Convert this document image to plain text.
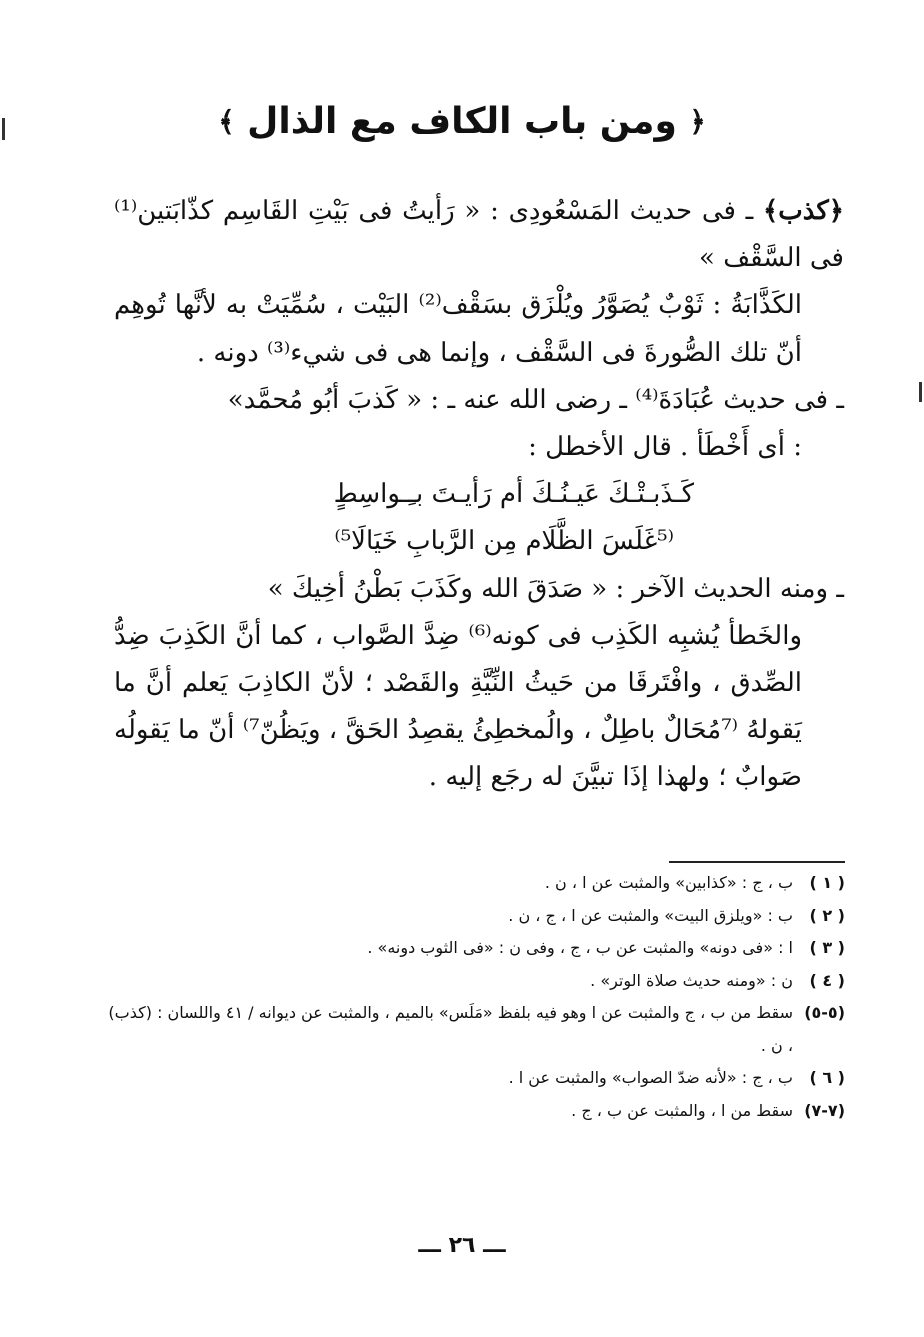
﴿ ومن باب الكاف مع الذال ﴾

﴿كذب﴾ ـ فى حديث المَسْعُودِى : « رَأيتُ فى بَيْتِ القَاسِم كذّابَتين⁽¹⁾ فى السَّقْف »

الكَذَّابَةُ : ثَوْبٌ يُصَوَّرُ ويُلْزَق بسَقْف⁽²⁾ البَيْت ، سُمِّيَتْ به لأنَّها تُوهِم أنّ تلك الصُّورةَ فى السَّقْف ، وإنما هى فى شيء⁽³⁾ دونه .

ـ فى حديث عُبَادَةَ⁽⁴⁾ ـ رضى الله عنه ـ : « كَذبَ أبُو مُحمَّد»

: أى أَخْطَأ . قال الأخطل :

كَـذَبـتْـكَ عَيـنُـكَ أم رَأيـتَ بـِـواسِطٍ

⁽⁵غَلَسَ الظَّلَام مِن الرَّبابِ خَيَالَا⁵⁾

ـ ومنه الحديث الآخر : « صَدَقَ الله وكَذَبَ بَطْنُ أخِيكَ »

والخَطأ يُشبِه الكَذِب فى كونه⁽⁶⁾ ضِدَّ الصَّواب ، كما أنَّ الكَذِبَ ضِدُّ الصِّدق ، وافْتَرقَا من حَيثُ النِّيَّةِ والقَصْد ؛ لأنّ الكاذِبَ يَعلم أنَّ ما يَقولهُ ⁽⁷مُحَالٌ باطِلٌ ، والُمخطِئُ يقصِدُ الحَقَّ ، ويَظُنّ⁷⁾ أنّ ما يَقولُه صَوابٌ ؛ ولهذا إذَا تبيَّنَ له رجَع إليه .

( ١ )
ب ، ج : «كذابين» والمثبت عن ا ، ن .
( ٢ )
ب : «ويلزق البيت» والمثبت عن ا ، ج ، ن .
( ٣ )
ا : «فى دونه» والمثبت عن ب ، ج ، وفى ن : «فى الثوب دونه» .
( ٤ )
ن : «ومنه حديث صلاة الوتر» .
(٥-٥)
سقط من ب ، ج والمثبت عن ا وهو فيه بلفظ «مَلَس» بالميم ، والمثبت عن ديوانه / ٤١ واللسان : (كذب) ، ن .
( ٦ )
ب ، ج : «لأنه ضدّ الصواب» والمثبت عن ا .
(٧-٧)
سقط من ا ، والمثبت عن ب ، ج .
ـــ ٢٦ ـــ
